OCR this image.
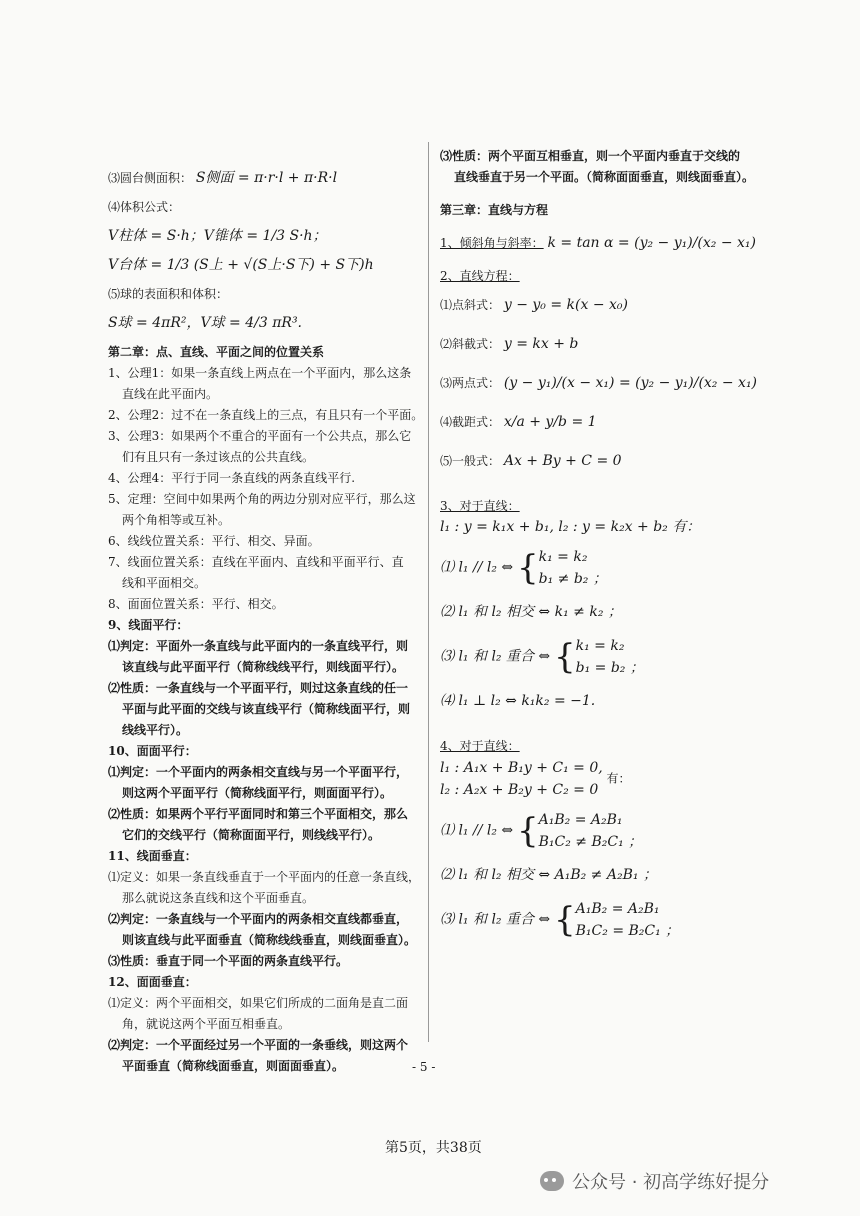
⑶圆台侧面积： S侧面 = π·r·l + π·R·l
⑷体积公式：
V柱体 = S·h；V锥体 = 1/3 S·h；
V台体 = 1/3 (S上 + √(S上·S下) + S下)h
⑸球的表面积和体积：
S球 = 4πR²，V球 = 4/3 πR³.
第二章：点、直线、平面之间的位置关系
1、公理1：如果一条直线上两点在一个平面内，那么这条
直线在此平面内。
2、公理2：过不在一条直线上的三点，有且只有一个平面。
3、公理3：如果两个不重合的平面有一个公共点，那么它
们有且只有一条过该点的公共直线。
4、公理4：平行于同一条直线的两条直线平行.
5、定理：空间中如果两个角的两边分别对应平行，那么这
两个角相等或互补。
6、线线位置关系：平行、相交、异面。
7、线面位置关系：直线在平面内、直线和平面平行、直
线和平面相交。
8、面面位置关系：平行、相交。
9、线面平行：
⑴判定：平面外一条直线与此平面内的一条直线平行，则
该直线与此平面平行（简称线线平行，则线面平行）。
⑵性质：一条直线与一个平面平行，则过这条直线的任一
平面与此平面的交线与该直线平行（简称线面平行，则
线线平行）。
10、面面平行：
⑴判定：一个平面内的两条相交直线与另一个平面平行，
则这两个平面平行（简称线面平行，则面面平行）。
⑵性质：如果两个平行平面同时和第三个平面相交，那么
它们的交线平行（简称面面平行，则线线平行）。
11、线面垂直：
⑴定义：如果一条直线垂直于一个平面内的任意一条直线，
那么就说这条直线和这个平面垂直。
⑵判定：一条直线与一个平面内的两条相交直线都垂直，
则该直线与此平面垂直（简称线线垂直，则线面垂直）。
⑶性质：垂直于同一个平面的两条直线平行。
12、面面垂直：
⑴定义：两个平面相交，如果它们所成的二面角是直二面
角，就说这两个平面互相垂直。
⑵判定：一个平面经过另一个平面的一条垂线，则这两个
平面垂直（简称线面垂直，则面面垂直）。
⑶性质：两个平面互相垂直，则一个平面内垂直于交线的
直线垂直于另一个平面。（简称面面垂直，则线面垂直）。
第三章：直线与方程
1、倾斜角与斜率： k = tan α = (y₂ − y₁)/(x₂ − x₁)
2、直线方程：
⑴点斜式： y − y₀ = k(x − x₀)
⑵斜截式： y = kx + b
⑶两点式： (y − y₁)/(x − x₁) = (y₂ − y₁)/(x₂ − x₁)
⑷截距式： x/a + y/b = 1
⑸一般式： Ax + By + C = 0
3、对于直线：
l₁ : y = k₁x + b₁, l₂ : y = k₂x + b₂ 有：
⑴ l₁ // l₂ ⇔ { k₁ = k₂
b₁ ≠ b₂ ；
⑵ l₁ 和 l₂ 相交 ⇔ k₁ ≠ k₂ ；
⑶ l₁ 和 l₂ 重合 ⇔ { k₁ = k₂
b₁ = b₂ ；
⑷ l₁ ⊥ l₂ ⇔ k₁k₂ = −1.
4、对于直线：
l₁ : A₁x + B₁y + C₁ = 0,
l₂ : A₂x + B₂y + C₂ = 0
有：
⑴ l₁ // l₂ ⇔ { A₁B₂ = A₂B₁
B₁C₂ ≠ B₂C₁ ；
⑵ l₁ 和 l₂ 相交 ⇔ A₁B₂ ≠ A₂B₁ ；
⑶ l₁ 和 l₂ 重合 ⇔ { A₁B₂ = A₂B₁
B₁C₂ = B₂C₁ ；
- 5 -
第5页，共38页
公众号 · 初高学练好提分
